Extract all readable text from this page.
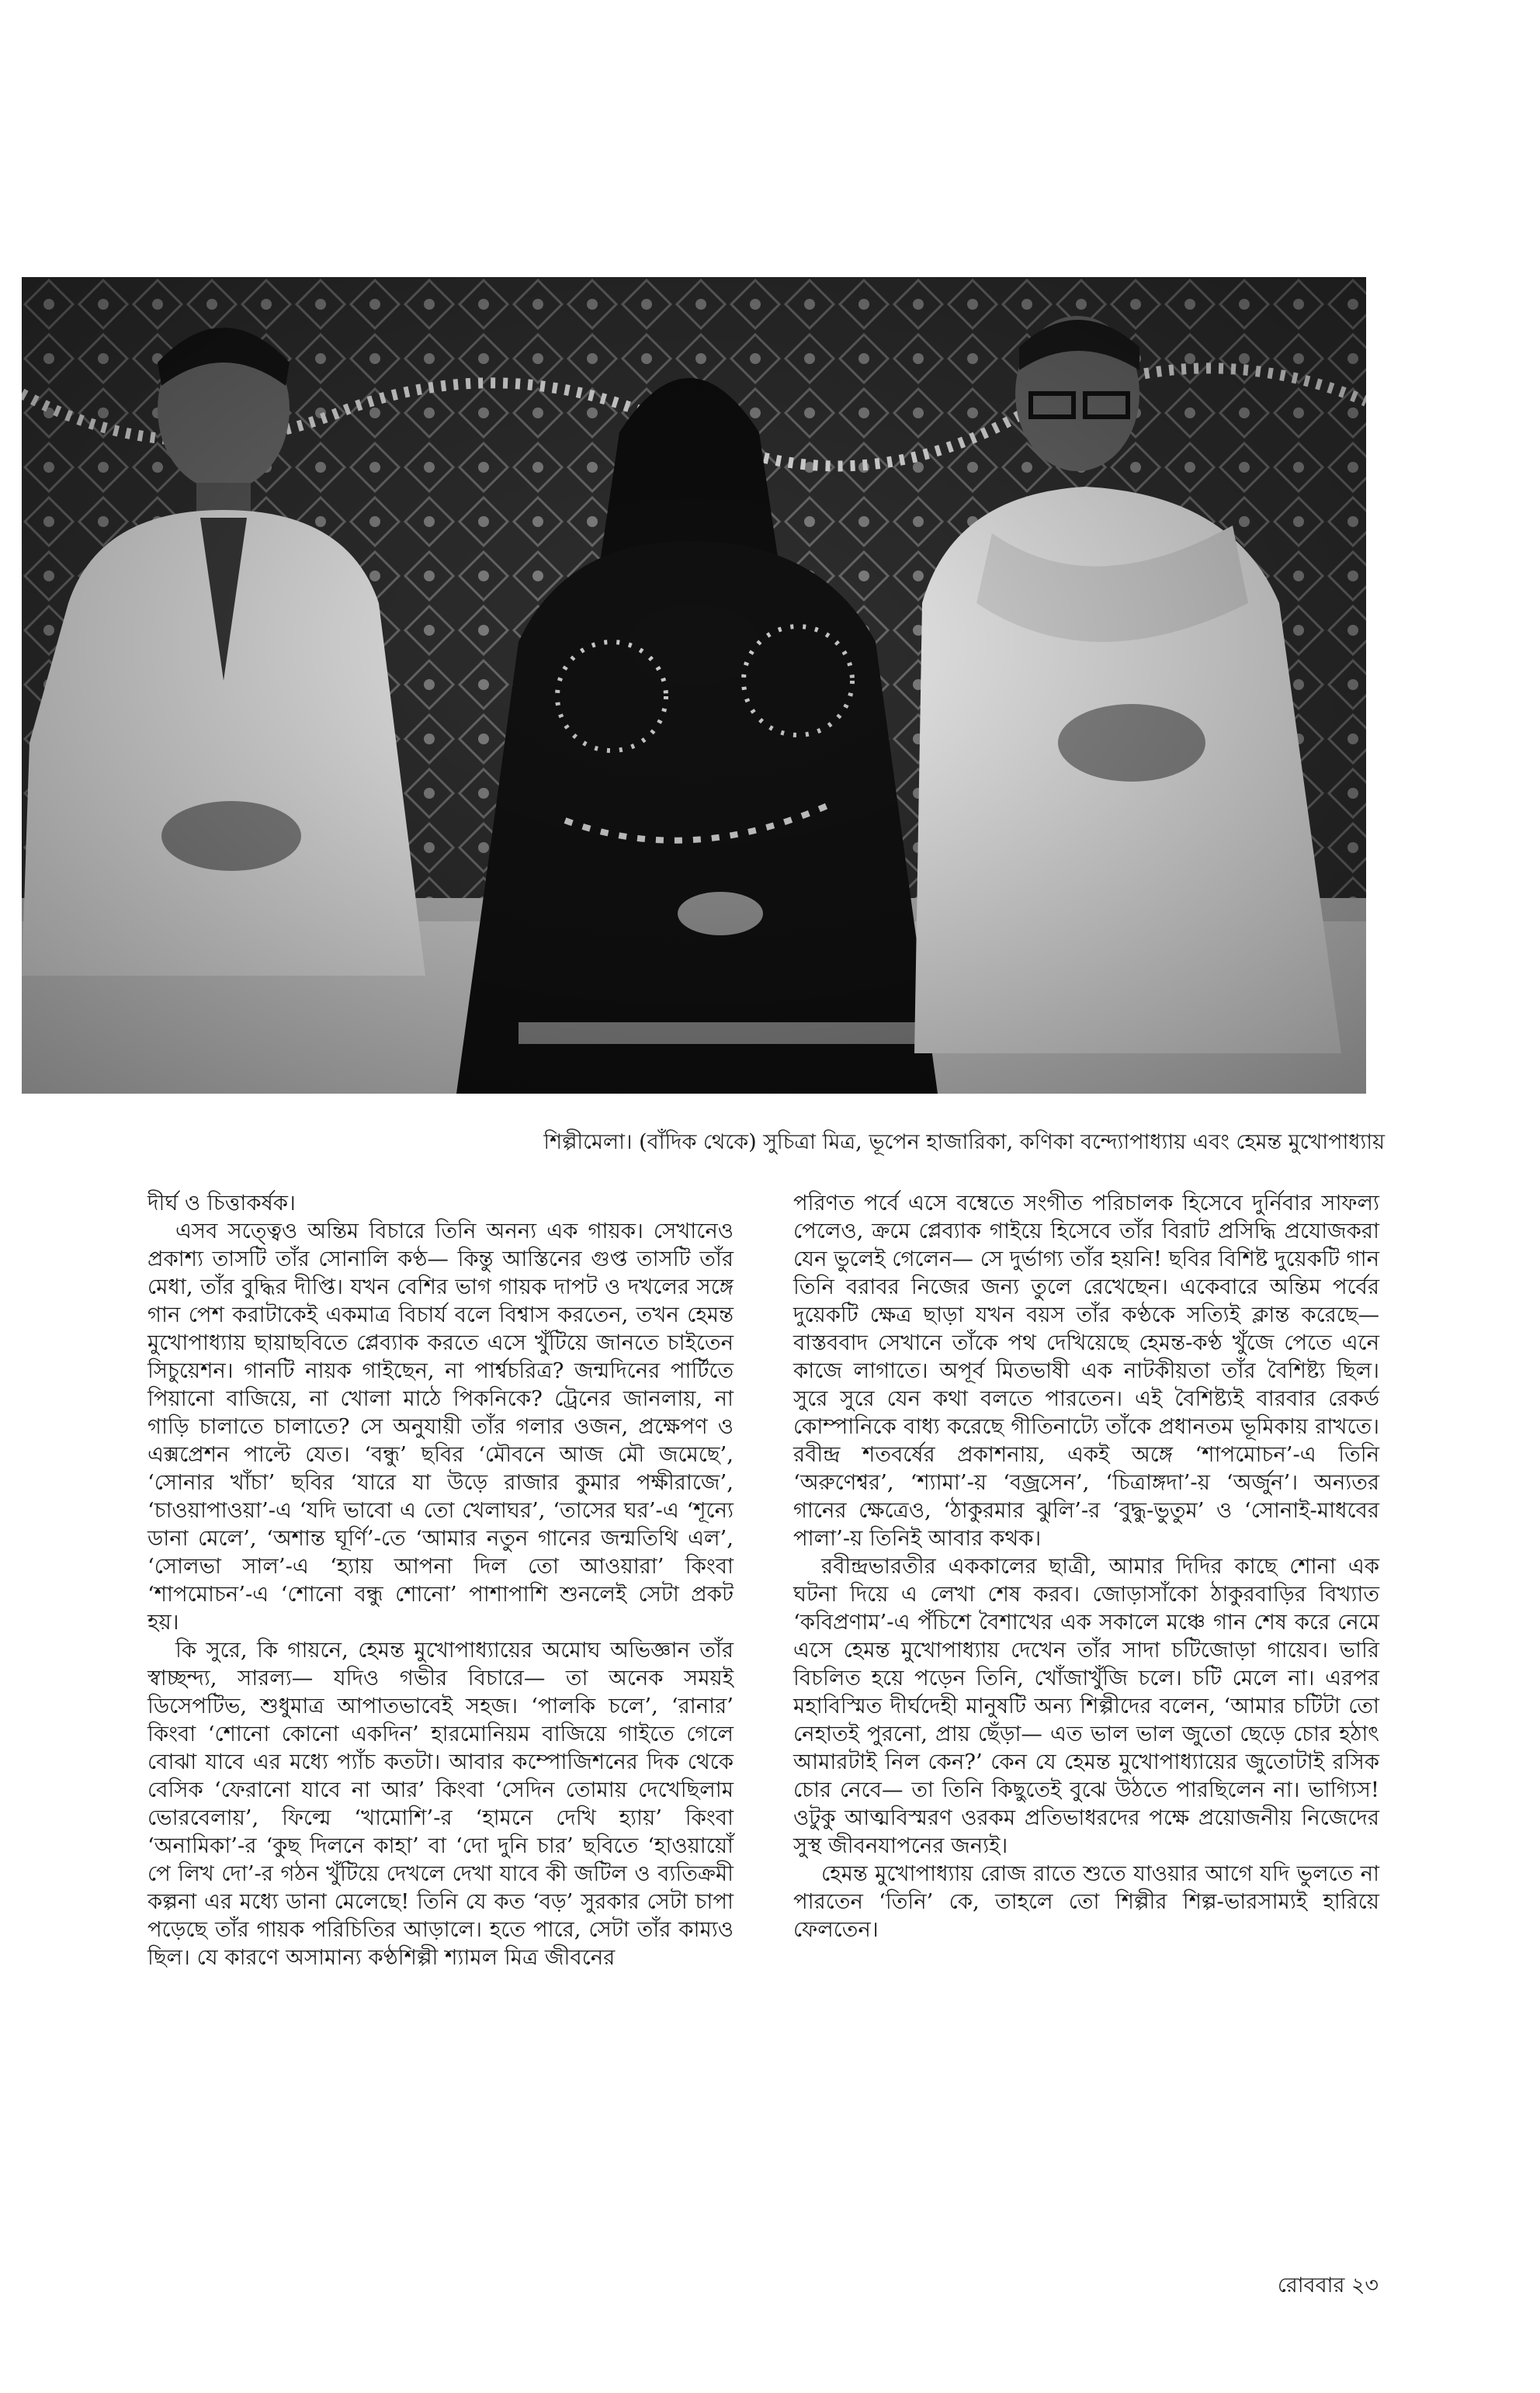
শিল্পীমেলা। (বাঁদিক থেকে) সুচিত্রা মিত্র, ভূপেন হাজারিকা, কণিকা বন্দ্যোপাধ্যায় এবং হেমন্ত মুখোপাধ্যায়

দীর্ঘ ও চিত্তাকর্ষক।

এসব সত্ত্বেও অন্তিম বিচারে তিনি অনন্য এক গায়ক। সেখানেও প্রকাশ্য তাসটি তাঁর সোনালি কণ্ঠ— কিন্তু আস্তিনের গুপ্ত তাসটি তাঁর মেধা, তাঁর বুদ্ধির দীপ্তি। যখন বেশির ভাগ গায়ক দাপট ও দখলের সঙ্গে গান পেশ করাটাকেই একমাত্র বিচার্য বলে বিশ্বাস করতেন, তখন হেমন্ত মুখোপাধ্যায় ছায়াছবিতে প্লেব্যাক করতে এসে খুঁটিয়ে জানতে চাইতেন সিচুয়েশন। গানটি নায়ক গাইছেন, না পার্শ্বচরিত্র? জন্মদিনের পার্টিতে পিয়ানো বাজিয়ে, না খোলা মাঠে পিকনিকে? ট্রেনের জানলায়, না গাড়ি চালাতে চালাতে? সে অনুযায়ী তাঁর গলার ওজন, প্রক্ষেপণ ও এক্সপ্রেশন পাল্টে যেত। ‘বন্ধু’ ছবির ‘মৌবনে আজ মৌ জমেছে’, ‘সোনার খাঁচা’ ছবির ‘যারে যা উড়ে রাজার কুমার পক্ষীরাজে’, ‘চাওয়াপাওয়া’-এ ‘যদি ভাবো এ তো খেলাঘর’, ‘তাসের ঘর’-এ ‘শূন্যে ডানা মেলে’, ‘অশান্ত ঘূর্ণি’-তে ‘আমার নতুন গানের জন্মতিথি এল’, ‘সোলভা সাল’-এ ‘হ্যায় আপনা দিল তো আওয়ারা’ কিংবা ‘শাপমোচন’-এ ‘শোনো বন্ধু শোনো’ পাশাপাশি শুনলেই সেটা প্রকট হয়।

কি সুরে, কি গায়নে, হেমন্ত মুখোপাধ্যায়ের অমোঘ অভিজ্ঞান তাঁর স্বাচ্ছন্দ্য, সারল্য— যদিও গভীর বিচারে— তা অনেক সময়ই ডিসেপটিভ, শুধুমাত্র আপাতভাবেই সহজ। ‘পালকি চলে’, ‘রানার’ কিংবা ‘শোনো কোনো একদিন’ হারমোনিয়ম বাজিয়ে গাইতে গেলে বোঝা যাবে এর মধ্যে প্যাঁচ কতটা। আবার কম্পোজিশনের দিক থেকে বেসিক ‘ফেরানো যাবে না আর’ কিংবা ‘সেদিন তোমায় দেখেছিলাম ভোরবেলায়’, ফিল্মে ‘খামোশি’-র ‘হামনে দেখি হ্যায়’ কিংবা ‘অনামিকা’-র ‘কুছ দিলনে কাহা’ বা ‘দো দুনি চার’ ছবিতে ‘হাওয়ায়োঁ পে লিখ দো’-র গঠন খুঁটিয়ে দেখলে দেখা যাবে কী জটিল ও ব্যতিক্রমী কল্পনা এর মধ্যে ডানা মেলেছে! তিনি যে কত ‘বড়’ সুরকার সেটা চাপা পড়েছে তাঁর গায়ক পরিচিতির আড়ালে। হতে পারে, সেটা তাঁর কাম্যও ছিল। যে কারণে অসামান্য কণ্ঠশিল্পী শ্যামল মিত্র জীবনের

পরিণত পর্বে এসে বম্বেতে সংগীত পরিচালক হিসেবে দুর্নিবার সাফল্য পেলেও, ক্রমে প্লেব্যাক গাইয়ে হিসেবে তাঁর বিরাট প্রসিদ্ধি প্রযোজকরা যেন ভুলেই গেলেন— সে দুর্ভাগ্য তাঁর হয়নি! ছবির বিশিষ্ট দুয়েকটি গান তিনি বরাবর নিজের জন্য তুলে রেখেছেন। একেবারে অন্তিম পর্বের দুয়েকটি ক্ষেত্র ছাড়া যখন বয়স তাঁর কণ্ঠকে সত্যিই ক্লান্ত করেছে— বাস্তববাদ সেখানে তাঁকে পথ দেখিয়েছে হেমন্ত-কণ্ঠ খুঁজে পেতে এনে কাজে লাগাতে। অপূর্ব মিতভাষী এক নাটকীয়তা তাঁর বৈশিষ্ট্য ছিল। সুরে সুরে যেন কথা বলতে পারতেন। এই বৈশিষ্ট্যই বারবার রেকর্ড কোম্পানিকে বাধ্য করেছে গীতিনাট্যে তাঁকে প্রধানতম ভূমিকায় রাখতে। রবীন্দ্র শতবর্ষের প্রকাশনায়, একই অঙ্গে ‘শাপমোচন’-এ তিনি ‘অরুণেশ্বর’, ‘শ্যামা’-য় ‘বজ্রসেন’, ‘চিত্রাঙ্গদা’-য় ‘অর্জুন’। অন্যতর গানের ক্ষেত্রেও, ‘ঠাকুরমার ঝুলি’-র ‘বুদ্ধু-ভুতুম’ ও ‘সোনাই-মাধবের পালা’-য় তিনিই আবার কথক।

রবীন্দ্রভারতীর এককালের ছাত্রী, আমার দিদির কাছে শোনা এক ঘটনা দিয়ে এ লেখা শেষ করব। জোড়াসাঁকো ঠাকুরবাড়ির বিখ্যাত ‘কবিপ্রণাম’-এ পঁচিশে বৈশাখের এক সকালে মঞ্চে গান শেষ করে নেমে এসে হেমন্ত মুখোপাধ্যায় দেখেন তাঁর সাদা চটিজোড়া গায়েব। ভারি বিচলিত হয়ে পড়েন তিনি, খোঁজাখুঁজি চলে। চটি মেলে না। এরপর মহাবিস্মিত দীর্ঘদেহী মানুষটি অন্য শিল্পীদের বলেন, ‘আমার চটিটা তো নেহাতই পুরনো, প্রায় ছেঁড়া— এত ভাল ভাল জুতো ছেড়ে চোর হঠাৎ আমারটাই নিল কেন?’ কেন যে হেমন্ত মুখোপাধ্যায়ের জুতোটাই রসিক চোর নেবে— তা তিনি কিছুতেই বুঝে উঠতে পারছিলেন না। ভাগ্যিস! ওটুকু আত্মবিস্মরণ ওরকম প্রতিভাধরদের পক্ষে প্রয়োজনীয় নিজেদের সুস্থ জীবনযাপনের জন্যই।

হেমন্ত মুখোপাধ্যায় রোজ রাতে শুতে যাওয়ার আগে যদি ভুলতে না পারতেন ‘তিনি’ কে, তাহলে তো শিল্পীর শিল্প-ভারসাম্যই হারিয়ে ফেলতেন।

রোববার ২৩
